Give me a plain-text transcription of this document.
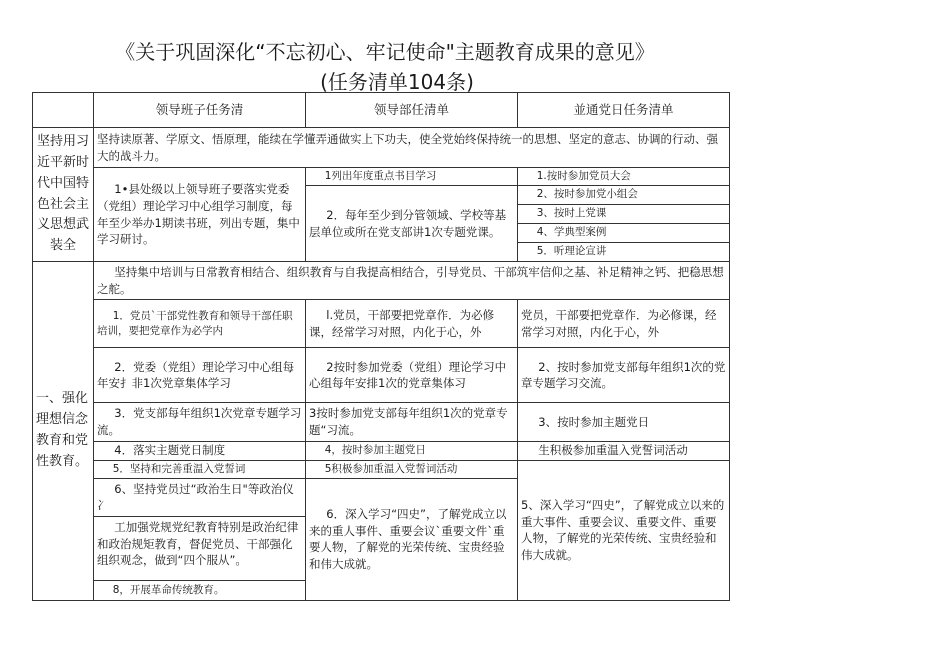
《关于巩固深化“不忘初心、牢记使命"主题教育成果的意见》
(任务清单104条)
	领导班子任务清	领导部任清单	並通党日任务清单
坚持用习近平新时代中国特色社会主义思想武装全	坚持读原著、学原文、悟原理，能续在学懂弄通做实上下功夫，使全党始终保持统一的思想、坚定的意志、协调的行动、强大的战斗力。		
	1•县处级以上领导班子要落实党委（党组）理论学习中心组学习制度，每年至少举办1期读书班，列出专题，集中学习研讨。	1列出年度重点书目学习	1.按时参加党员大会
		2．每年至少到分管领域、学校等基层单位或所在党支部讲1次专题党课。	2、按时参加党小组会
			3、按时上党课
			4、学典型案例
			5．听理论宣讲
一、强化理想信念教育和党性教育。	坚持集中培训与日常教育相结合、组织教育与自我提高相结合，引导党员、干部筑牢信仰之基、补足精神之钙、把稳思想之舵。		
	1．党员`干部党性教育和领导干部任职培训，要把党章作为必学内	l.党员，干部要把党章作．为必修课，经常学习对照，内化于心，外	党员，干部要把党章作．为必修课，经常学习对照，内化于心，外
	2．党委（党组）理论学习中心组每年安扌非1次党章集体学习	2按时参加党委（党组）理论学习中心组每年安排1次的党章集体习	2、按时参加党支部每年组织1次的党章专题学习交流。
	3．党支部每年组织1次党章专题学习流。	3按时参加党支部每年组织1次的党章专题“习流。	3、按时参加主题党日
	4．落实主题党日制度	4，按时参加主题党日	生积极参加重温入党誓词活动
	5．坚持和完善重温入党誓词	5积极参加重温入党誓词活动	5、深入学习“四史”，了解党成立以来的重大事件、重要会议、重要文件、重要人物，了解党的光荣传统、宝贵经验和伟大成就。
	6、坚持党员过“政治生日"等政治仪冫	6．深入学习“四史”，了解党成立以来的重人事件、重要会议`重要文件`重要人物，了解党的光荣传统、宝贵经验和伟大成就。	
	工加强党规党纪教育特别是政治纪律和政治规矩教育，督促党员、干部强化组织观念，做到“四个服从”。		
	8，开展革命传统教育。		
